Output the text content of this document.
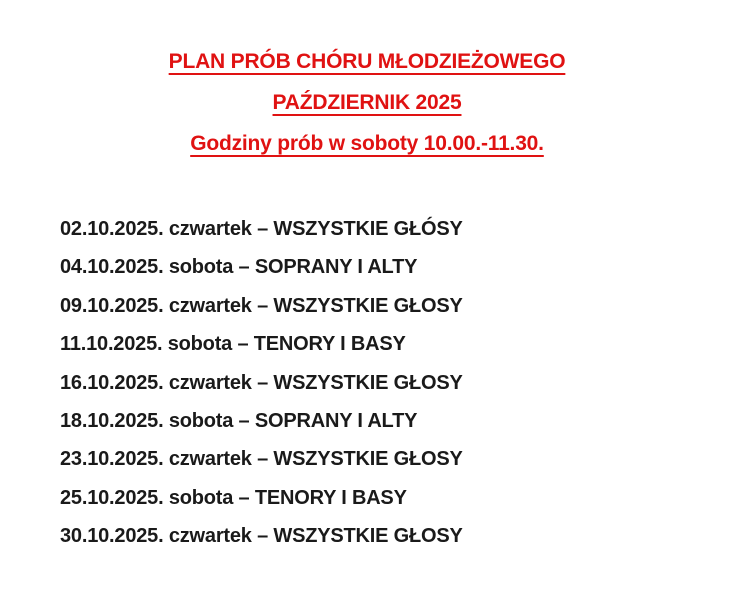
PLAN PRÓB CHÓRU MŁODZIEŻOWEGO
PAŹDZIERNIK 2025
Godziny prób w soboty 10.00.-11.30.
02.10.2025. czwartek – WSZYSTKIE GŁÓSY
04.10.2025. sobota – SOPRANY I ALTY
09.10.2025. czwartek – WSZYSTKIE GŁOSY
11.10.2025. sobota – TENORY I BASY
16.10.2025. czwartek – WSZYSTKIE GŁOSY
18.10.2025. sobota – SOPRANY I ALTY
23.10.2025. czwartek – WSZYSTKIE GŁOSY
25.10.2025. sobota – TENORY I BASY
30.10.2025. czwartek – WSZYSTKIE GŁOSY
